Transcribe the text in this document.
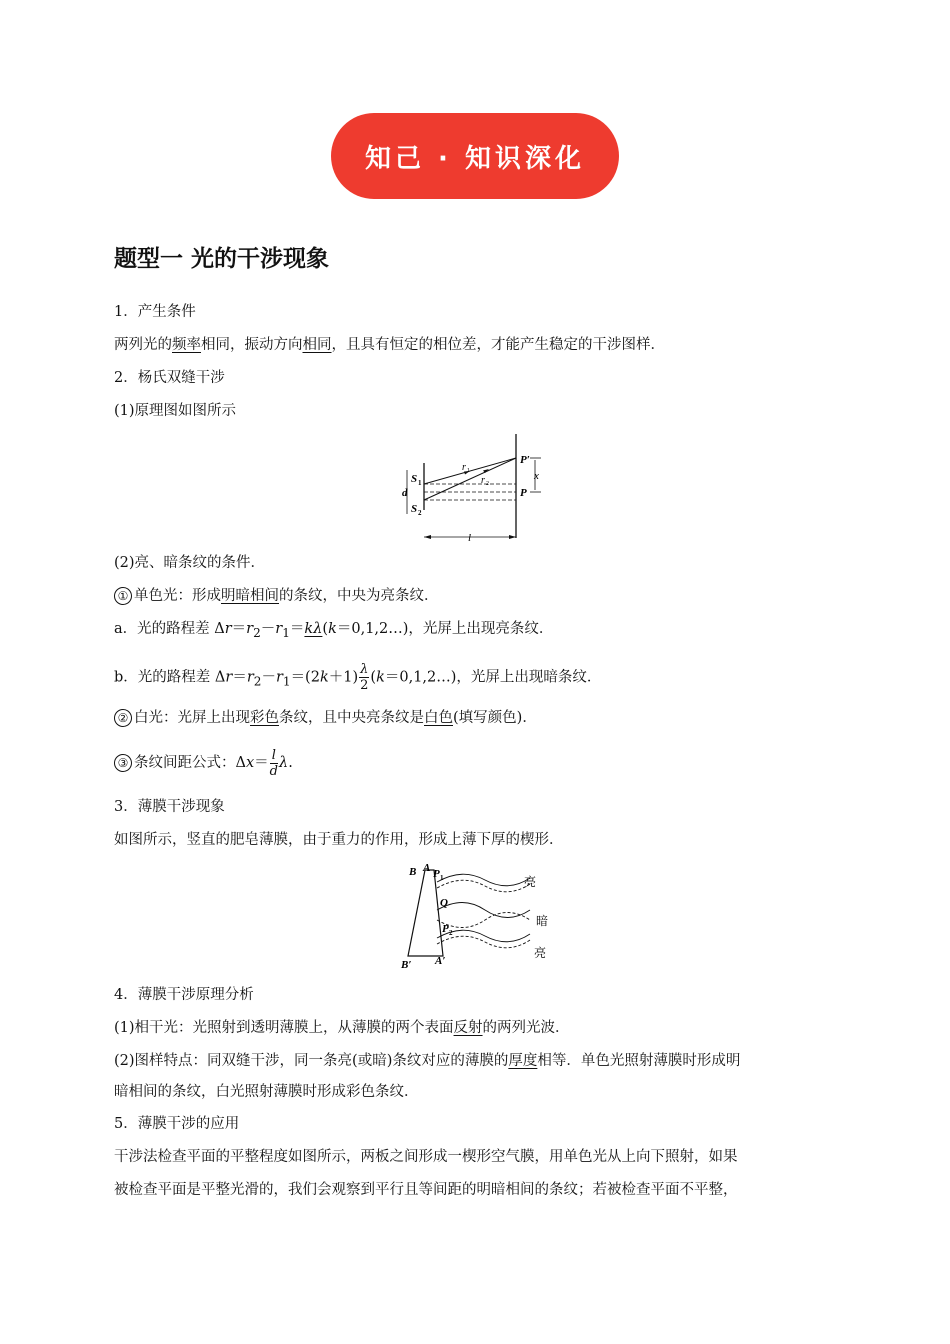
知己 · 知识深化
题型一 光的干涉现象
1．产生条件
两列光的频率相同，振动方向相同，且具有恒定的相位差，才能产生稳定的干涉图样．
2．杨氏双缝干涉
(1)原理图如图所示
P′
P
x
S 1
S 2
d
r 1
r 2
l
(2)亮、暗条纹的条件．
① 单色光：形成明暗相间的条纹，中央为亮条纹．
a．光的路程差 $\Delta r=r_2-r_1=k\lambda(k=0,1,2\dots)$，光屏上出现亮条纹．
b．光的路程差 $\Delta r=r_2-r_1=(2k+1) \frac{\lambda}{2}$ (k＝0,1,2…)，光屏上出现暗条纹．
② 白光：光屏上出现彩色条纹，且中央亮条纹是白色(填写颜色)．
③ 条纹间距公式：$\Delta x= \frac{l}{d} \lambda$.
3．薄膜干涉现象
如图所示，竖直的肥皂薄膜，由于重力的作用，形成上薄下厚的楔形．
B A P 1
Q
P 2
B′ A′
亮
暗
亮
4．薄膜干涉原理分析
(1)相干光：光照射到透明薄膜上，从薄膜的两个表面反射的两列光波．
(2)图样特点：同双缝干涉，同一条亮(或暗)条纹对应的薄膜的厚度相等．单色光照射薄膜时形成明
暗相间的条纹，白光照射薄膜时形成彩色条纹．
5．薄膜干涉的应用
干涉法检查平面的平整程度如图所示，两板之间形成一楔形空气膜，用单色光从上向下照射，如果
被检查平面是平整光滑的，我们会观察到平行且等间距的明暗相间的条纹；若被检查平面不平整，
